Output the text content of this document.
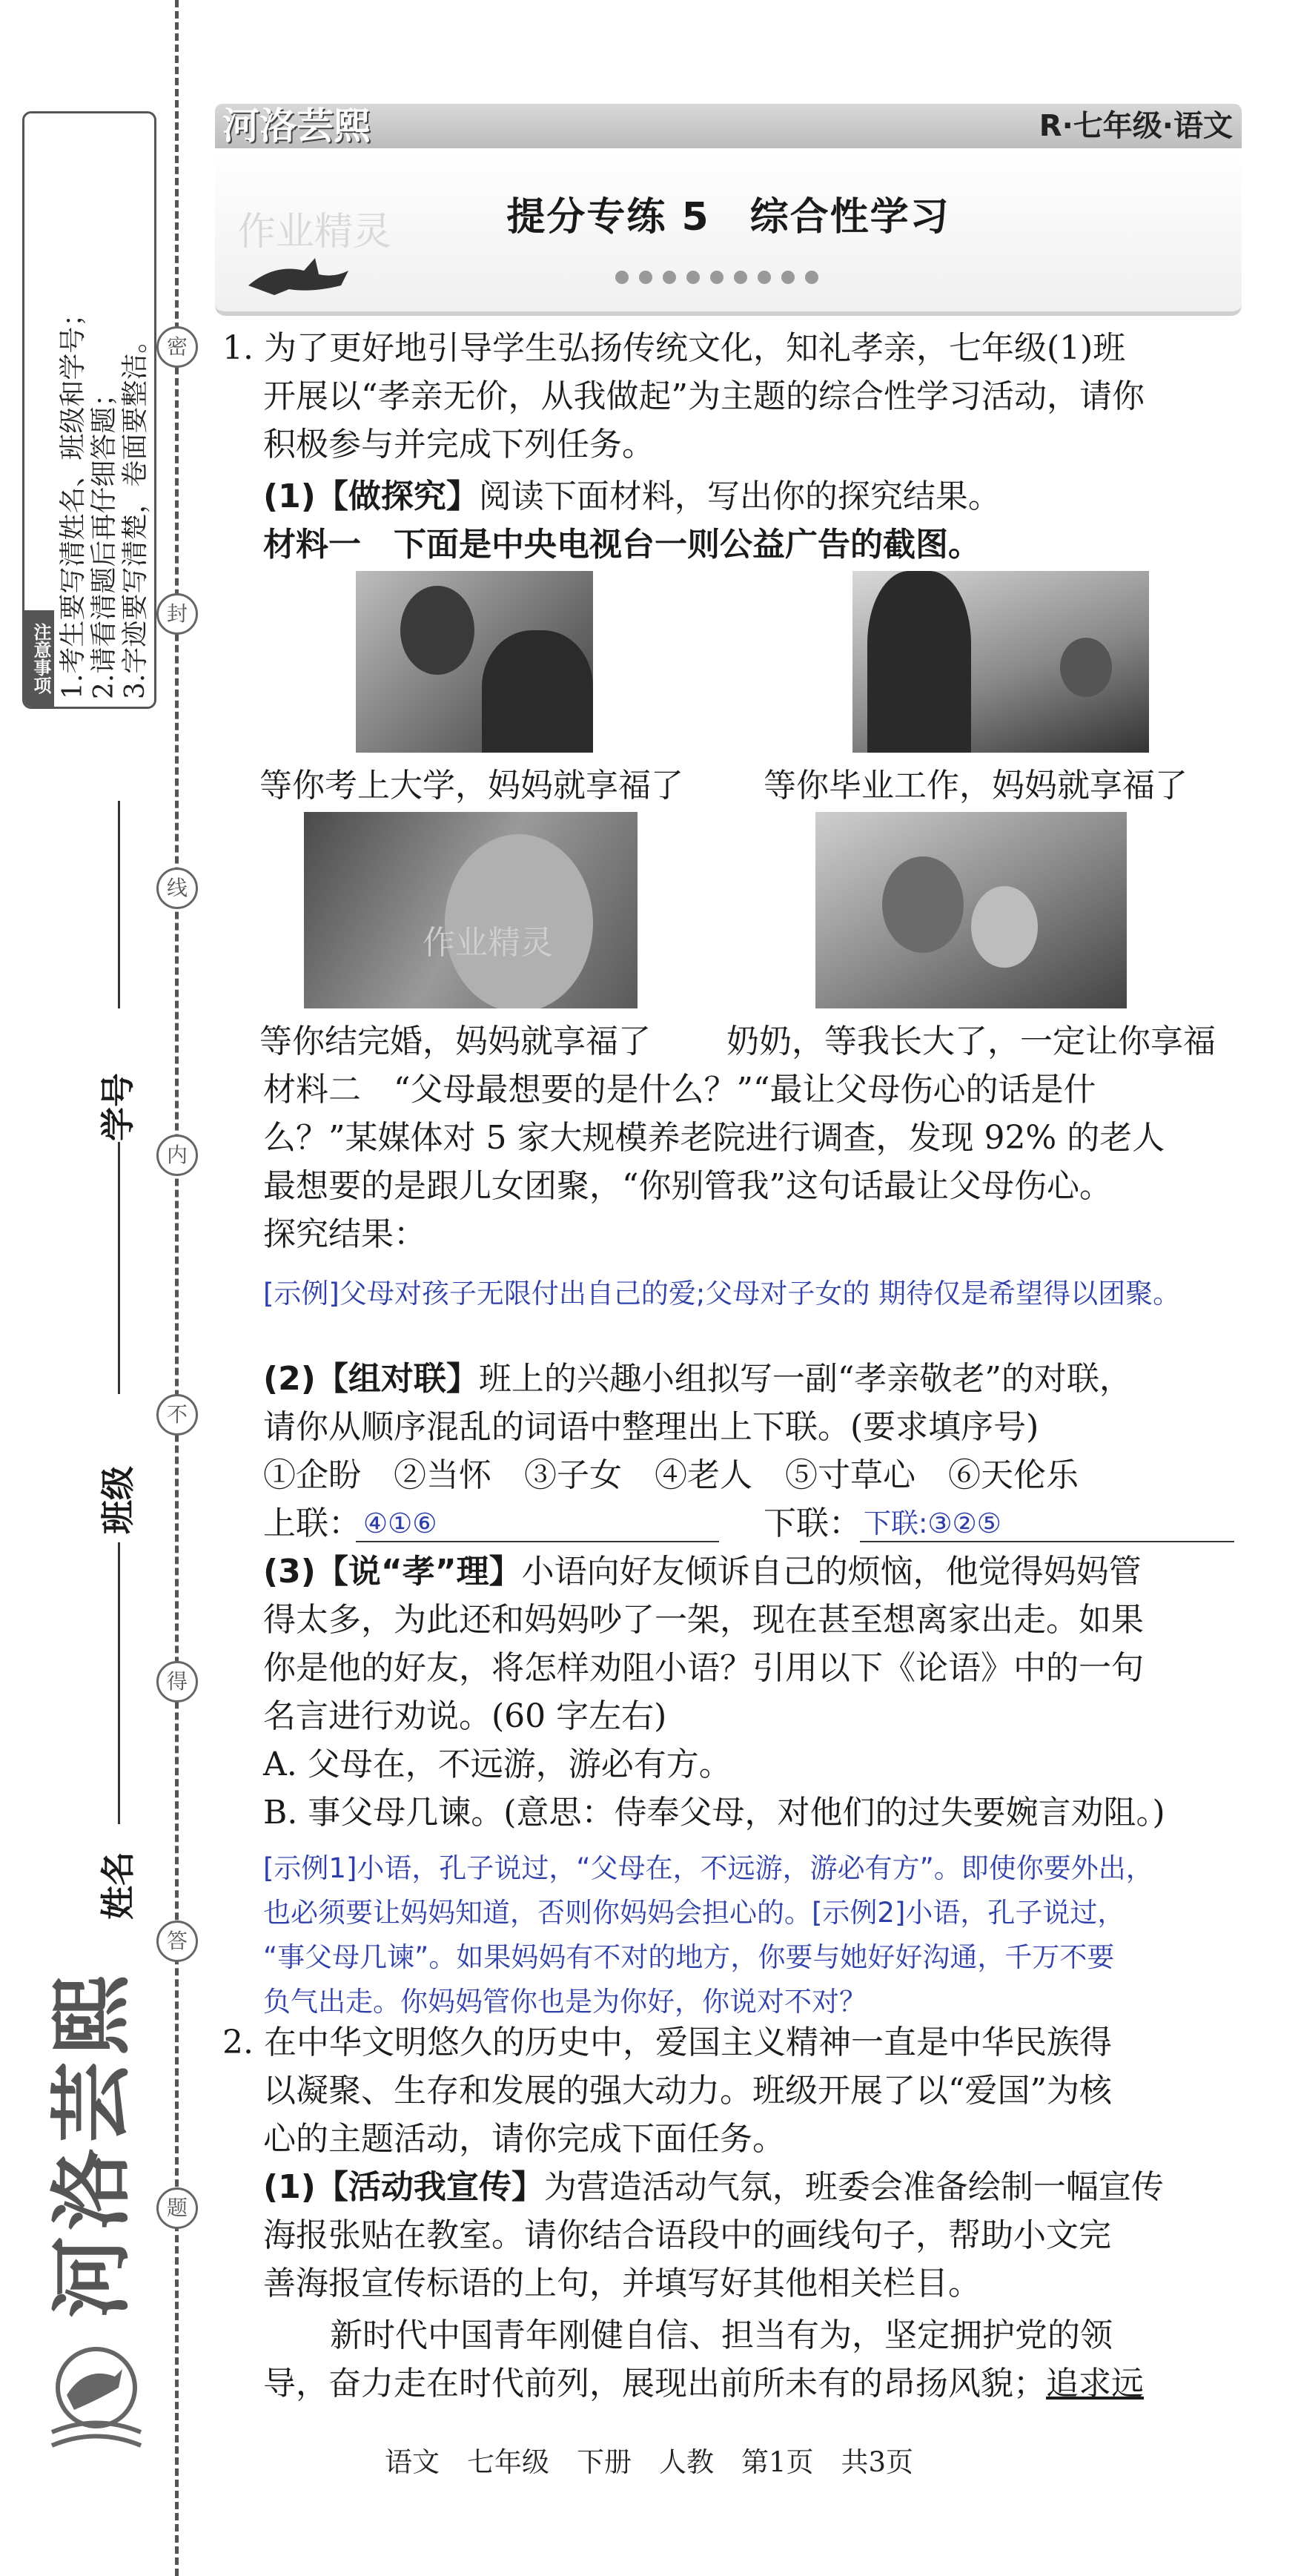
注意事项 1.考生要写清姓名、班级和学号； 2.请看清题后再仔细答题； 3.字迹要写清楚，卷面要整洁。 密
封
线
内
不
得
答
题
学号
班级
姓名
河洛芸熙
河洛芸熙	R·七年级·语文
作业精灵	提分专练 5　综合性学习
1. 为了更好地引导学生弘扬传统文化，知礼孝亲，七年级(1)班
开展以“孝亲无价，从我做起”为主题的综合性学习活动，请你
积极参与并完成下列任务。
(1)【做探究】阅读下面材料，写出你的探究结果。
材料一　下面是中央电视台一则公益广告的截图。
等你考上大学，妈妈就享福了 等你毕业工作，妈妈就享福了
作业精灵
等你结完婚，妈妈就享福了 奶奶，等我长大了，一定让你享福
材料二　“父母最想要的是什么？”“最让父母伤心的话是什
么？”某媒体对 5 家大规模养老院进行调查，发现 92% 的老人
最想要的是跟儿女团聚，“你别管我”这句话最让父母伤心。
探究结果：
[示例]父母对孩子无限付出自己的爱;父母对子女的 期待仅是希望得以团聚。
(2)【组对联】班上的兴趣小组拟写一副“孝亲敬老”的对联，
请你从顺序混乱的词语中整理出上下联。(要求填序号)
①企盼　②当怀　③子女　④老人　⑤寸草心　⑥天伦乐
上联： ④①⑥	下联： 下联:③②⑤
(3)【说“孝”理】小语向好友倾诉自己的烦恼，他觉得妈妈管
得太多，为此还和妈妈吵了一架，现在甚至想离家出走。如果
你是他的好友，将怎样劝阻小语？引用以下《论语》中的一句
名言进行劝说。(60 字左右)
A. 父母在，不远游，游必有方。
B. 事父母几谏。(意思：侍奉父母，对他们的过失要婉言劝阻。)
[示例1]小语，孔子说过，“父母在，不远游，游必有方”。即使你要外出，
也必须要让妈妈知道，否则你妈妈会担心的。[示例2]小语，孔子说过，
“事父母几谏”。如果妈妈有不对的地方，你要与她好好沟通，千万不要
负气出走。你妈妈管你也是为你好，你说对不对？
2. 在中华文明悠久的历史中，爱国主义精神一直是中华民族得
以凝聚、生存和发展的强大动力。班级开展了以“爱国”为核
心的主题活动，请你完成下面任务。
(1)【活动我宣传】为营造活动气氛，班委会准备绘制一幅宣传
海报张贴在教室。请你结合语段中的画线句子，帮助小文完
善海报宣传标语的上句，并填写好其他相关栏目。
新时代中国青年刚健自信、担当有为，坚定拥护党的领
导，奋力走在时代前列，展现出前所未有的昂扬风貌；追求远
语文　七年级　下册　人教　第1页　共3页
